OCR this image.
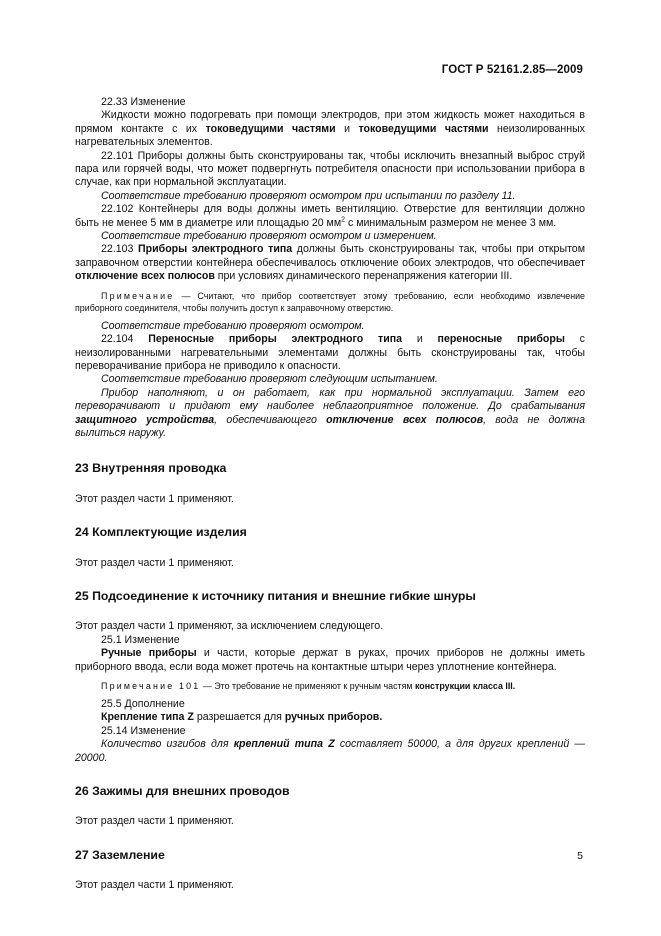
ГОСТ Р 52161.2.85—2009

22.33 Изменение

Жидкости можно подогревать при помощи электродов, при этом жидкость может находиться в прямом контакте с их токоведущими частями и токоведущими частями неизолированных нагревательных элементов.

22.101 Приборы должны быть сконструированы так, чтобы исключить внезапный выброс струй пара или горячей воды, что может подвергнуть потребителя опасности при использовании прибора в случае, как при нормальной эксплуатации.

Соответствие требованию проверяют осмотром при испытании по разделу 11.

22.102 Контейнеры для воды должны иметь вентиляцию. Отверстие для вентиляции должно быть не менее 5 мм в диаметре или площадью 20 $мм^2$ с минимальным размером не менее 3 мм.

Соответствие требованию проверяют осмотром и измерением.

22.103 Приборы электродного типа должны быть сконструированы так, чтобы при открытом заправочном отверстии контейнера обеспечивалось отключение обоих электродов, что обеспечивает отключение всех полюсов при условиях динамического перенапряжения категории III.

Примечание — Считают, что прибор соответствует этому требованию, если необходимо извлечение приборного соединителя, чтобы получить доступ к заправочному отверстию.

Соответствие требованию проверяют осмотром.

22.104 Переносные приборы электродного типа и переносные приборы с неизолированными нагревательными элементами должны быть сконструированы так, чтобы переворачивание прибора не приводило к опасности.

Соответствие требованию проверяют следующим испытанием.

Прибор наполняют, и он работает, как при нормальной эксплуатации. Затем его переворачивают и придают ему наиболее неблагоприятное положение. До срабатывания защитного устройства, обеспечивающего отключение всех полюсов, вода не должна вылиться наружу.

23 Внутренняя проводка

Этот раздел части 1 применяют.

24 Комплектующие изделия

Этот раздел части 1 применяют.

25 Подсоединение к источнику питания и внешние гибкие шнуры

Этот раздел части 1 применяют, за исключением следующего.

25.1 Изменение

Ручные приборы и части, которые держат в руках, прочих приборов не должны иметь приборного ввода, если вода может протечь на контактные штыри через уплотнение контейнера.

Примечание 101 — Это требование не применяют к ручным частям конструкции класса III.

25.5 Дополнение

Крепление типа Z разрешается для ручных приборов.

25.14 Изменение

Количество изгибов для креплений типа Z составляет 50000, а для других креплений — 20000.

26 Зажимы для внешних проводов

Этот раздел части 1 применяют.

27 Заземление

Этот раздел части 1 применяют.

5
